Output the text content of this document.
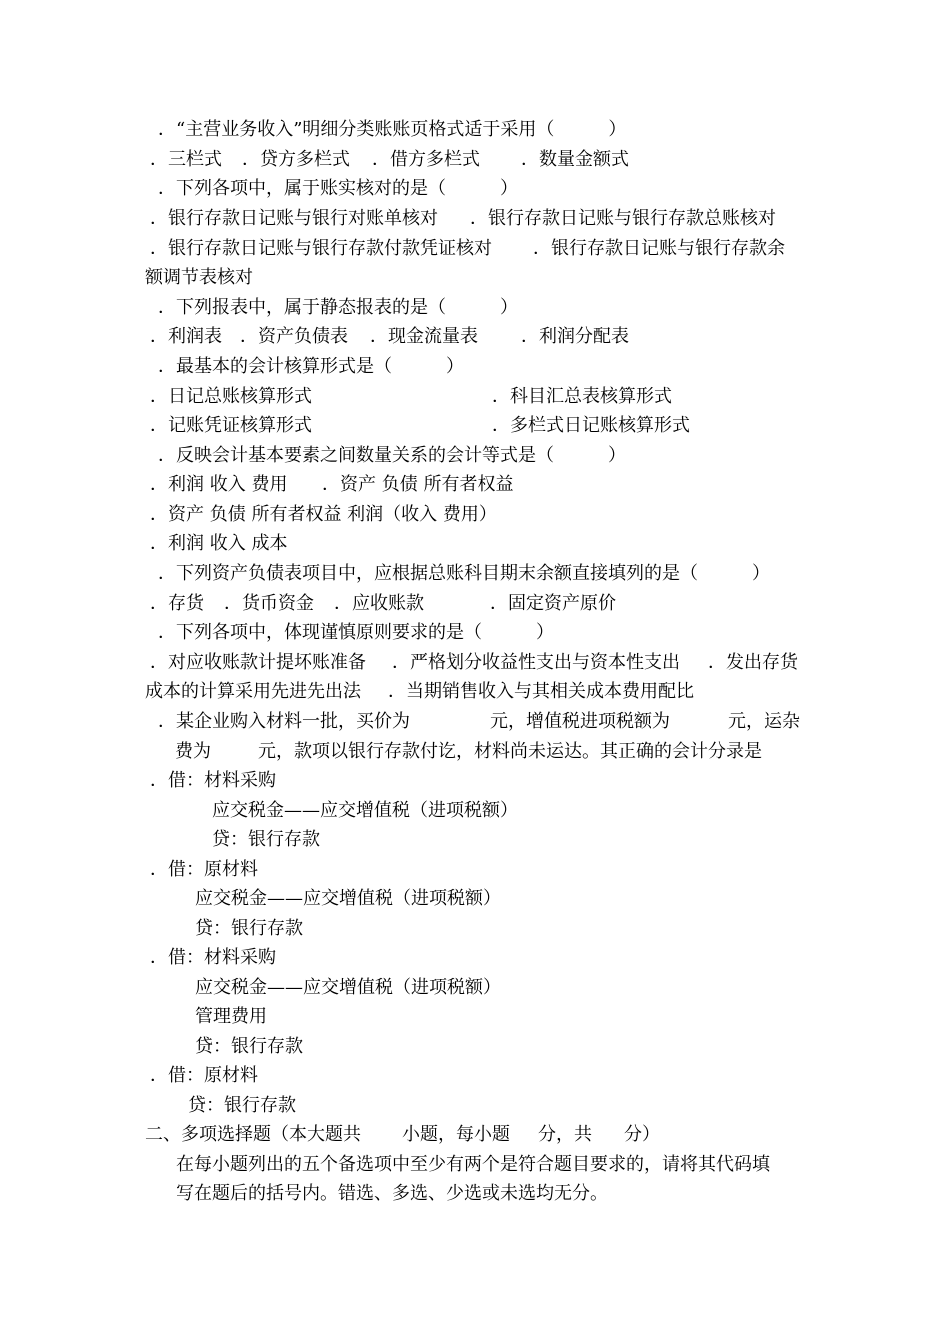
．“主营业务收入”明细分类账账页格式适于采用（　　　）
．三栏式 ．贷方多栏式 ．借方多栏式 ．数量金额式
．下列各项中，属于账实核对的是（　　　）
．银行存款日记账与银行对账单核对 ．银行存款日记账与银行存款总账核对
．银行存款日记账与银行存款付款凭证核对 ．银行存款日记账与银行存款余
额调节表核对
．下列报表中，属于静态报表的是（　　　）
．利润表 ．资产负债表 ．现金流量表 ．利润分配表
．最基本的会计核算形式是（　　　）
．日记总账核算形式	．科目汇总表核算形式
．记账凭证核算形式	．多栏式日记账核算形式
．反映会计基本要素之间数量关系的会计等式是（　　　）
．利润 收入 费用 ．资产 负债 所有者权益
．资产 负债 所有者权益 利润（收入 费用）
．利润 收入 成本
．下列资产负债表项目中，应根据总账科目期末余额直接填列的是（　　　）
．存货 ．货币资金 ．应收账款	．固定资产原价
．下列各项中，体现谨慎原则要求的是（　　　）
．对应收账款计提坏账准备 ．严格划分收益性支出与资本性支出 ．发出存货
成本的计算采用先进先出法 ．当期销售收入与其相关成本费用配比
．某企业购入材料一批，买价为	元，增值税进项税额为	元，运杂
费为	元，款项以银行存款付讫，材料尚未运达。其正确的会计分录是
．借：材料采购
应交税金——应交增值税（进项税额）
贷：银行存款
．借：原材料
应交税金——应交增值税（进项税额）
贷：银行存款
．借：材料采购
应交税金——应交增值税（进项税额）
管理费用
贷：银行存款
．借：原材料
贷：银行存款
二、多项选择题（本大题共 小题，每小题 分，共 分）
在每小题列出的五个备选项中至少有两个是符合题目要求的，请将其代码填
写在题后的括号内。错选、多选、少选或未选均无分。
